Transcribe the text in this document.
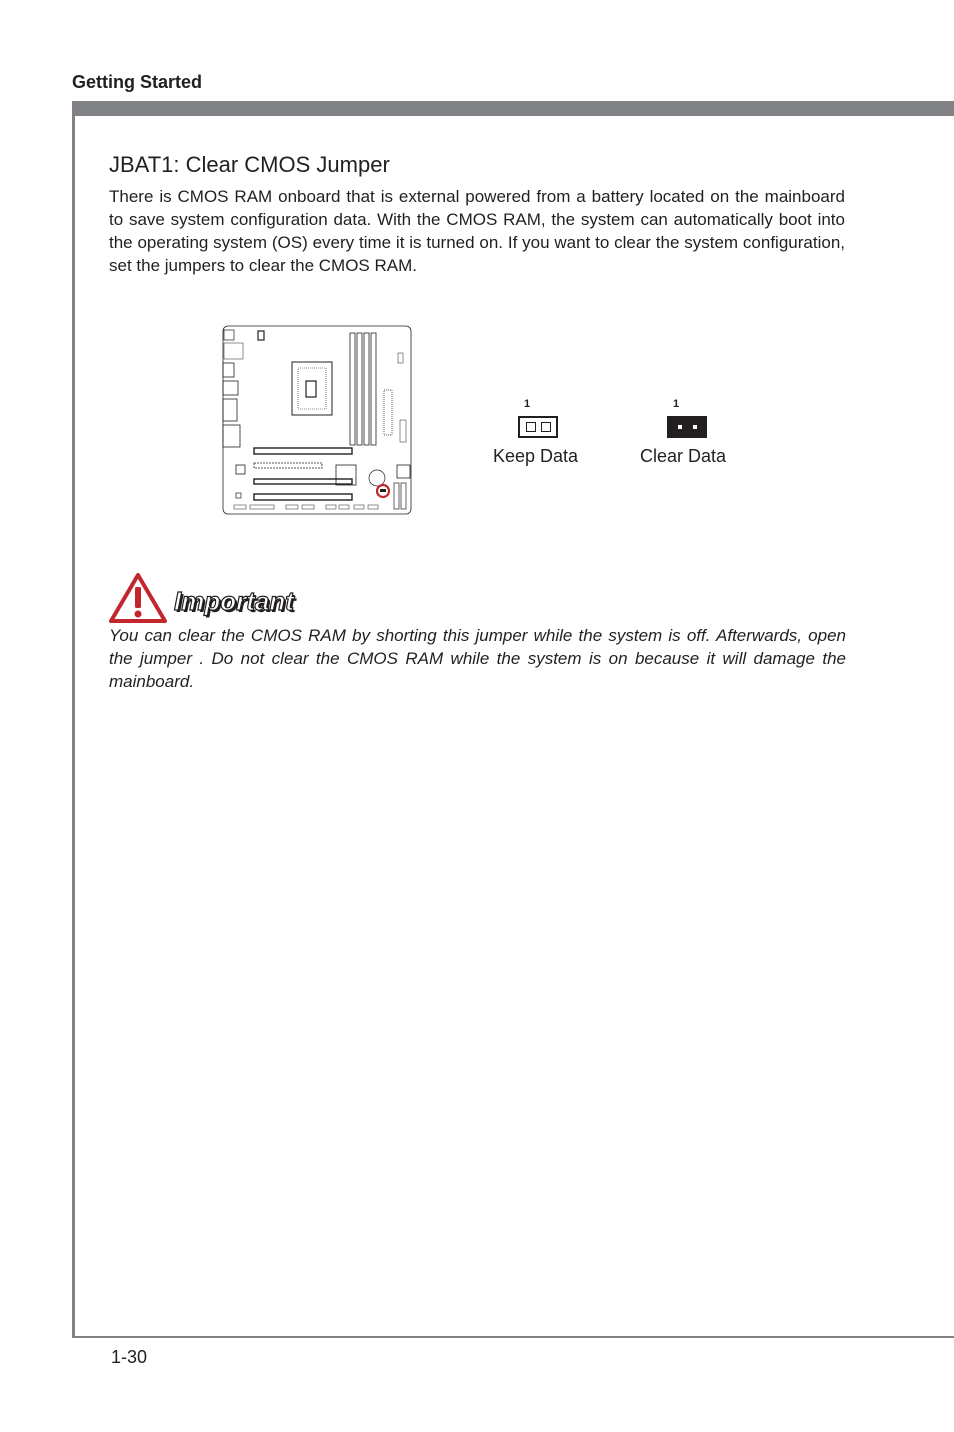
Getting Started
JBAT1: Clear CMOS Jumper
There is CMOS RAM onboard that is external powered from a battery located on the mainboard to save system configuration data. With the CMOS RAM, the system can automatically boot into the operating system (OS) every time it is turned on. If you want to clear the system configuration, set the jumpers to clear the CMOS RAM.
1
Keep Data
1
Clear Data
Important
You can clear the CMOS RAM by shorting this jumper while the system is off. Afterwards, open the jumper . Do not clear the CMOS RAM while the system is on because it will damage the mainboard.
1-30
